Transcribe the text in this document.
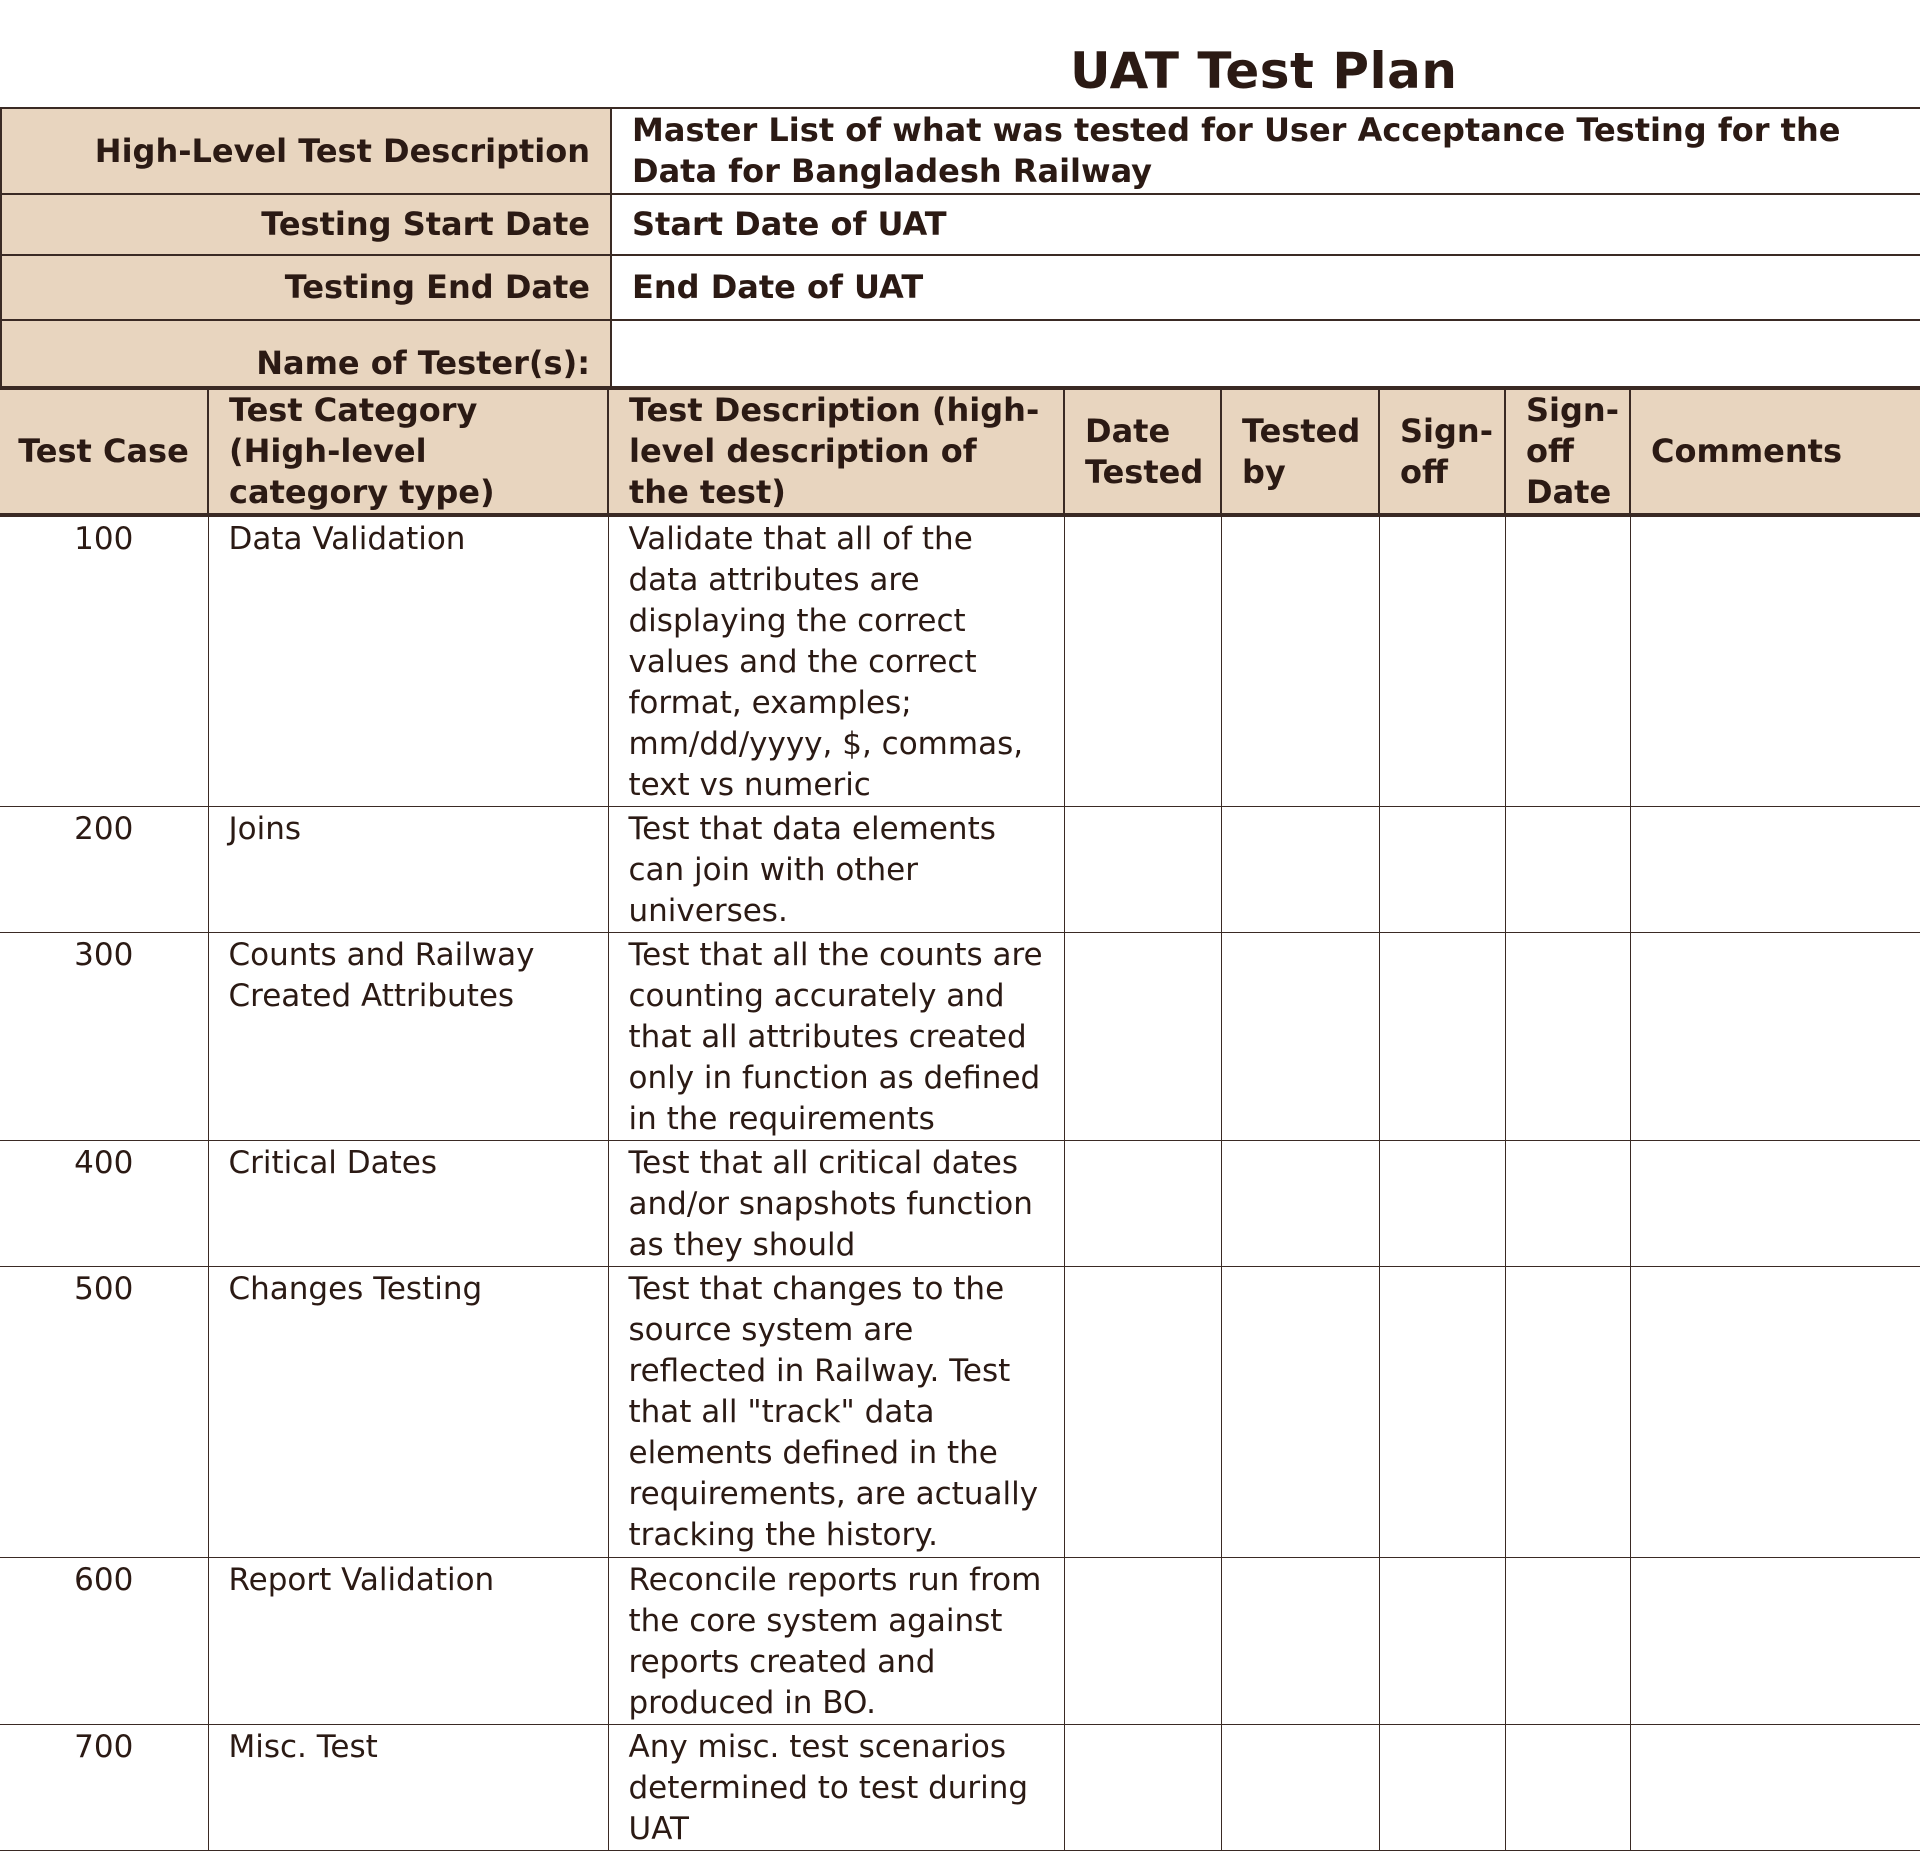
UAT Test Plan
High-Level Test Description	Master List of what was tested for User Acceptance Testing for the Data for Bangladesh Railway
Testing Start Date	Start Date of UAT
Testing End Date	End Date of UAT
Name of Tester(s):	
Test Case	Test Category (High-level category type)	Test Description (high-level description of the test)	Date Tested	Tested by	Sign-off	Sign-off Date	Comments
100	Data Validation	Validate that all of the data attributes are displaying the correct values and the correct format, examples; mm/dd/yyyy, $, commas, text vs numeric					
200	Joins	Test that data elements can join with other universes.					
300	Counts and Railway Created Attributes	Test that all the counts are counting accurately and that all attributes created only in function as defined in the requirements					
400	Critical Dates	Test that all critical dates and/or snapshots function as they should					
500	Changes Testing	Test that changes to the source system are reflected in Railway. Test that all "track" data elements defined in the requirements, are actually tracking the history.					
600	Report Validation	Reconcile reports run from the core system against reports created and produced in BO.					
700	Misc. Test	Any misc. test scenarios determined to test during UAT					
